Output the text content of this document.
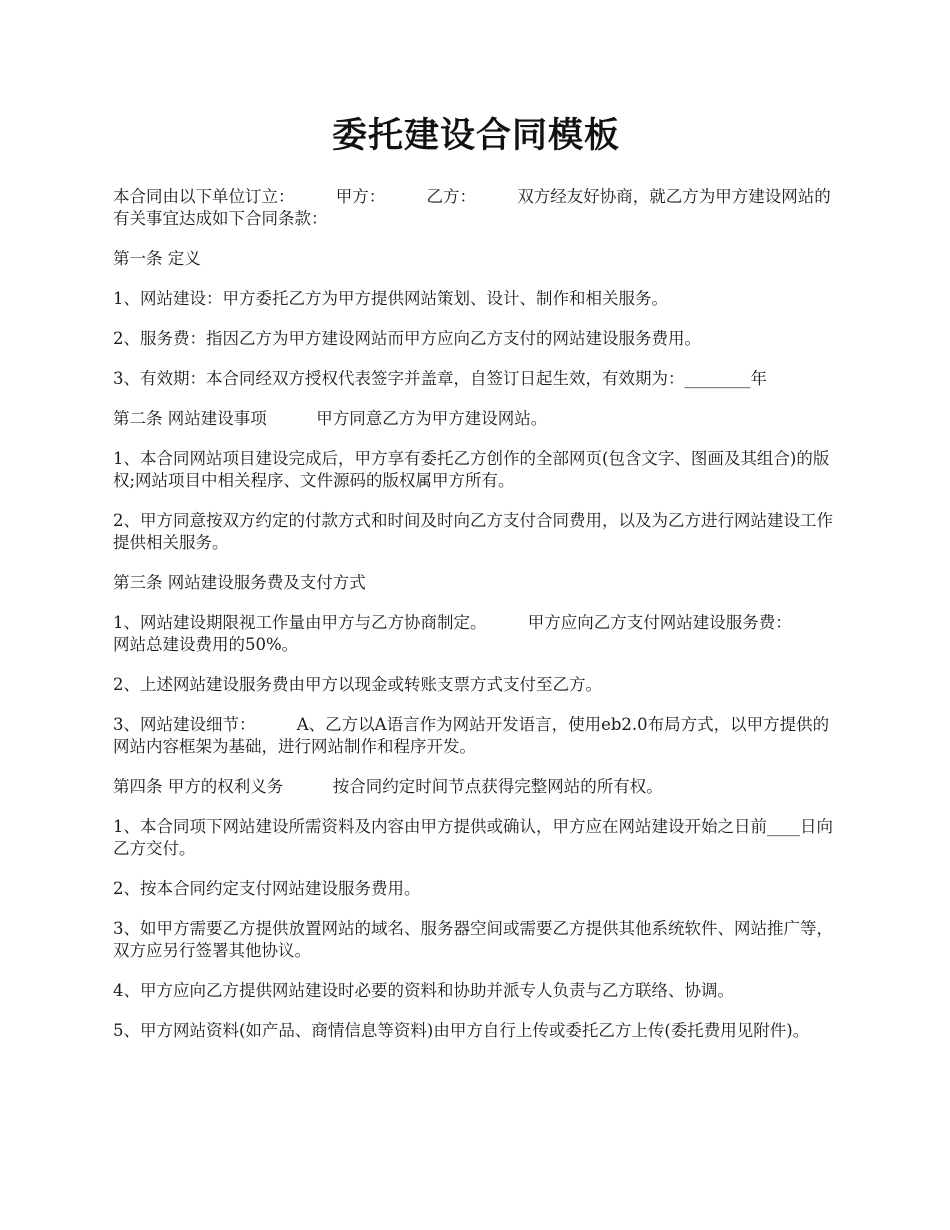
委托建设合同模板

本合同由以下单位订立：　　　甲方：　　　乙方：　　　双方经友好协商，就乙方为甲方建设网站的有关事宜达成如下合同条款：

第一条 定义

1、网站建设：甲方委托乙方为甲方提供网站策划、设计、制作和相关服务。

2、服务费：指因乙方为甲方建设网站而甲方应向乙方支付的网站建设服务费用。

3、有效期：本合同经双方授权代表签字并盖章，自签订日起生效，有效期为：________年

第二条 网站建设事项　　　甲方同意乙方为甲方建设网站。

1、本合同网站项目建设完成后，甲方享有委托乙方创作的全部网页(包含文字、图画及其组合)的版权;网站项目中相关程序、文件源码的版权属甲方所有。

2、甲方同意按双方约定的付款方式和时间及时向乙方支付合同费用，以及为乙方进行网站建设工作提供相关服务。

第三条 网站建设服务费及支付方式

1、网站建设期限视工作量由甲方与乙方协商制定。　　　甲方应向乙方支付网站建设服务费：　　　网站总建设费用的50%。

2、上述网站建设服务费由甲方以现金或转账支票方式支付至乙方。

3、网站建设细节：　　　A、乙方以A语言作为网站开发语言，使用eb2.0布局方式，以甲方提供的网站内容框架为基础，进行网站制作和程序开发。

第四条 甲方的权利义务　　　按合同约定时间节点获得完整网站的所有权。

1、本合同项下网站建设所需资料及内容由甲方提供或确认，甲方应在网站建设开始之日前____日向乙方交付。

2、按本合同约定支付网站建设服务费用。

3、如甲方需要乙方提供放置网站的域名、服务器空间或需要乙方提供其他系统软件、网站推广等，双方应另行签署其他协议。

4、甲方应向乙方提供网站建设时必要的资料和协助并派专人负责与乙方联络、协调。

5、甲方网站资料(如产品、商情信息等资料)由甲方自行上传或委托乙方上传(委托费用见附件)。
